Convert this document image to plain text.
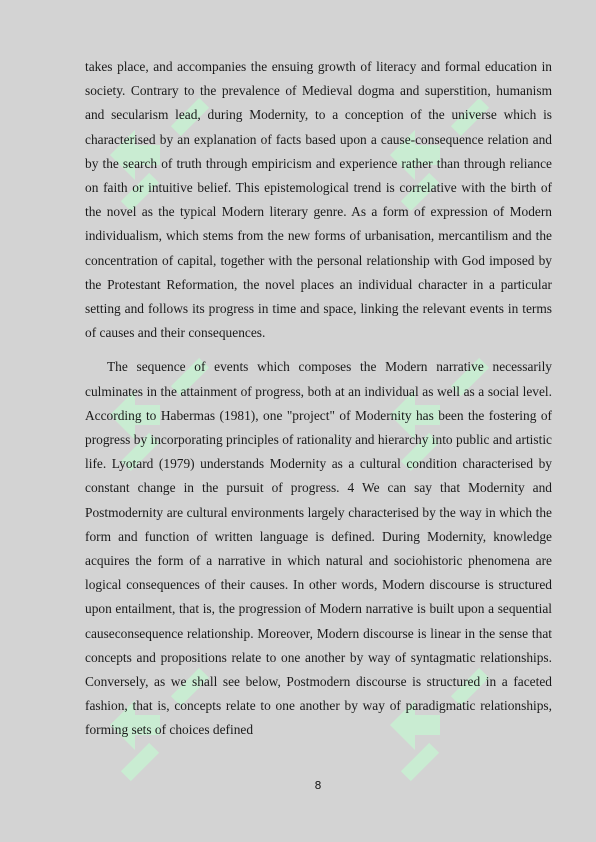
takes place, and accompanies the ensuing growth of literacy and formal education in society. Contrary to the prevalence of Medieval dogma and superstition, humanism and secularism lead, during Modernity, to a conception of the universe which is characterised by an explanation of facts based upon a cause-consequence relation and by the search of truth through empiricism and experience rather than through reliance on faith or intuitive belief. This epistemological trend is correlative with the birth of the novel as the typical Modern literary genre. As a form of expression of Modern individualism, which stems from the new forms of urbanisation, mercantilism and the concentration of capital, together with the personal relationship with God imposed by the Protestant Reformation, the novel places an individual character in a particular setting and follows its progress in time and space, linking the relevant events in terms of causes and their consequences.

The sequence of events which composes the Modern narrative necessarily culminates in the attainment of progress, both at an individual as well as a social level. According to Habermas (1981), one "project" of Modernity has been the fostering of progress by incorporating principles of rationality and hierarchy into public and artistic life. Lyotard (1979) understands Modernity as a cultural condition characterised by constant change in the pursuit of progress. 4 We can say that Modernity and Postmodernity are cultural environments largely characterised by the way in which the form and function of written language is defined. During Modernity, knowledge acquires the form of a narrative in which natural and sociohistoric phenomena are logical consequences of their causes. In other words, Modern discourse is structured upon entailment, that is, the progression of Modern narrative is built upon a sequential causeconsequence relationship. Moreover, Modern discourse is linear in the sense that concepts and propositions relate to one another by way of syntagmatic relationships. Conversely, as we shall see below, Postmodern discourse is structured in a faceted fashion, that is, concepts relate to one another by way of paradigmatic relationships, forming sets of choices defined

8
